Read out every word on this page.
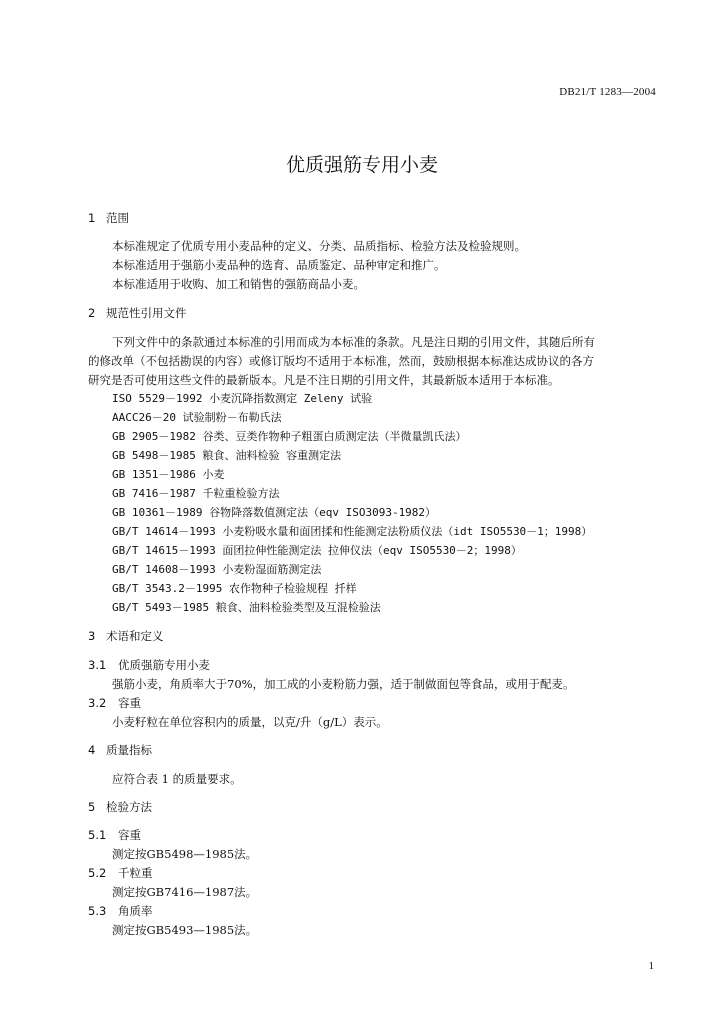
DB21/T 1283—2004
优质强筋专用小麦
1 范围
本标准规定了优质专用小麦品种的定义、分类、品质指标、检验方法及检验规则。
本标准适用于强筋小麦品种的选育、品质鉴定、品种审定和推广。
本标准适用于收购、加工和销售的强筋商品小麦。
2 规范性引用文件
下列文件中的条款通过本标准的引用而成为本标准的条款。凡是注日期的引用文件，其随后所有
的修改单（不包括勘误的内容）或修订版均不适用于本标准，然而，鼓励根据本标准达成协议的各方
研究是否可使用这些文件的最新版本。凡是不注日期的引用文件，其最新版本适用于本标准。
ISO 5529－1992 小麦沉降指数测定 Zeleny 试验
AACC26－20 试验制粉－布勒氏法
GB 2905－1982 谷类、豆类作物种子粗蛋白质测定法（半微量凯氏法）
GB 5498－1985 粮食、油料检验 容重测定法
GB 1351－1986 小麦
GB 7416－1987 千粒重检验方法
GB 10361－1989 谷物降落数值测定法（eqv ISO3093-1982）
GB/T 14614－1993 小麦粉吸水量和面团揉和性能测定法粉质仪法（idt ISO5530－1；1998）
GB/T 14615－1993 面团拉伸性能测定法 拉伸仪法（eqv ISO5530－2；1998）
GB/T 14608－1993 小麦粉湿面筋测定法
GB/T 3543.2－1995 农作物种子检验规程 扦样
GB/T 5493－1985 粮食、油料检验类型及互混检验法
3 术语和定义
3.1 优质强筋专用小麦
强筋小麦，角质率大于70%，加工成的小麦粉筋力强，适于制做面包等食品，或用于配麦。
3.2 容重
小麦籽粒在单位容积内的质量，以克/升（g/L）表示。
4 质量指标
应符合表 1 的质量要求。
5 检验方法
5.1 容重
测定按GB5498—1985法。
5.2 千粒重
测定按GB7416—1987法。
5.3 角质率
测定按GB5493—1985法。
1
